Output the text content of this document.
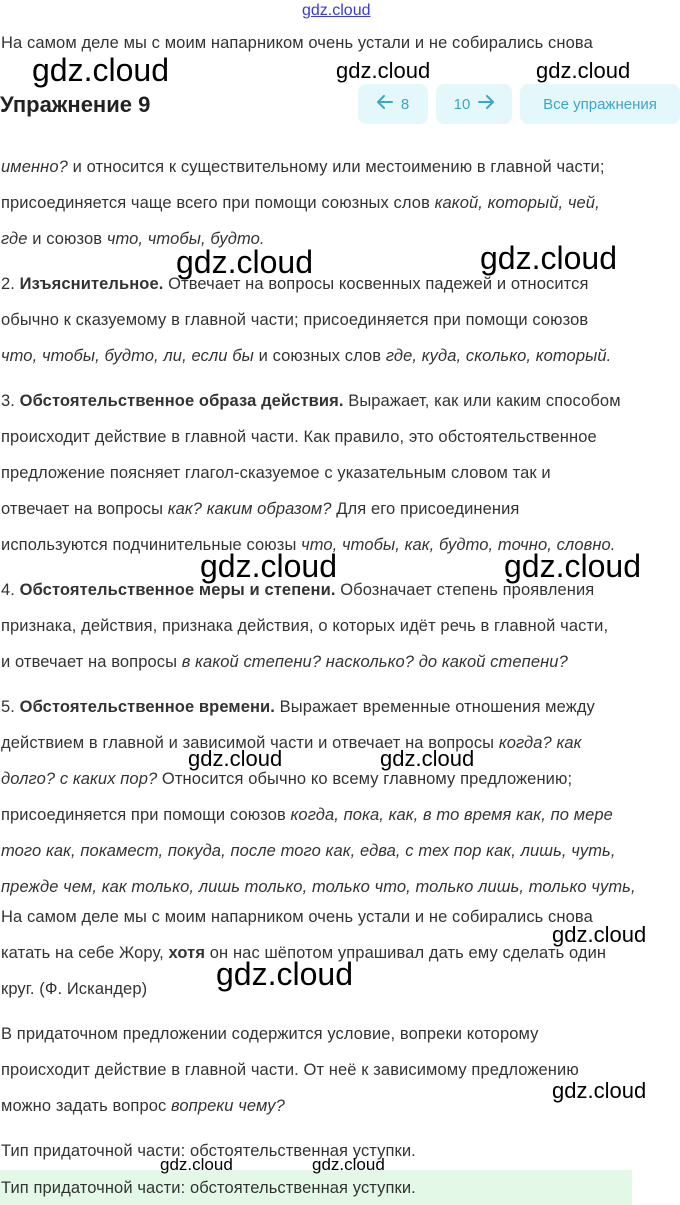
gdz.cloud
На самом деле мы с моим напарником очень устали и не собирались снова
Упражнение 9	8	10	Все упражнения
именно? и относится к существительному или местоимению в главной части;
присоединяется чаще всего при помощи союзных слов какой, который, чей,
где и союзов что, чтобы, будто.
2. Изъяснительное. Отвечает на вопросы косвенных падежей и относится
обычно к сказуемому в главной части; присоединяется при помощи союзов
что, чтобы, будто, ли, если бы и союзных слов где, куда, сколько, который.
3. Обстоятельственное образа действия. Выражает, как или каким способом
происходит действие в главной части. Как правило, это обстоятельственное
предложение поясняет глагол-сказуемое с указательным словом так и
отвечает на вопросы как? каким образом? Для его присоединения
используются подчинительные союзы что, чтобы, как, будто, точно, словно.
4. Обстоятельственное меры и степени. Обозначает степень проявления
признака, действия, признака действия, о которых идёт речь в главной части,
и отвечает на вопросы в какой степени? насколько? до какой степени?
5. Обстоятельственное времени. Выражает временные отношения между
действием в главной и зависимой части и отвечает на вопросы когда? как
долго? с каких пор? Относится обычно ко всему главному предложению;
присоединяется при помощи союзов когда, пока, как, в то время как, по мере
того как, покамест, покуда, после того как, едва, с тех пор как, лишь, чуть,
прежде чем, как только, лишь только, только что, только лишь, только чуть,
На самом деле мы с моим напарником очень устали и не собирались снова
катать на себе Жору, хотя он нас шёпотом упрашивал дать ему сделать один
круг. (Ф. Искандер)
В придаточном предложении содержится условие, вопреки которому
происходит действие в главной части. От неё к зависимому предложению
можно задать вопрос вопреки чему?
Тип придаточной части: обстоятельственная уступки.
Тип придаточной части: обстоятельственная уступки.
gdz.cloud	gdz.cloud	gdz.cloud
gdz.cloud	gdz.cloud
gdz.cloud	gdz.cloud
gdz.cloud	gdz.cloud
gdz.cloud
gdz.cloud
gdz.cloud
gdz.cloud	gdz.cloud
